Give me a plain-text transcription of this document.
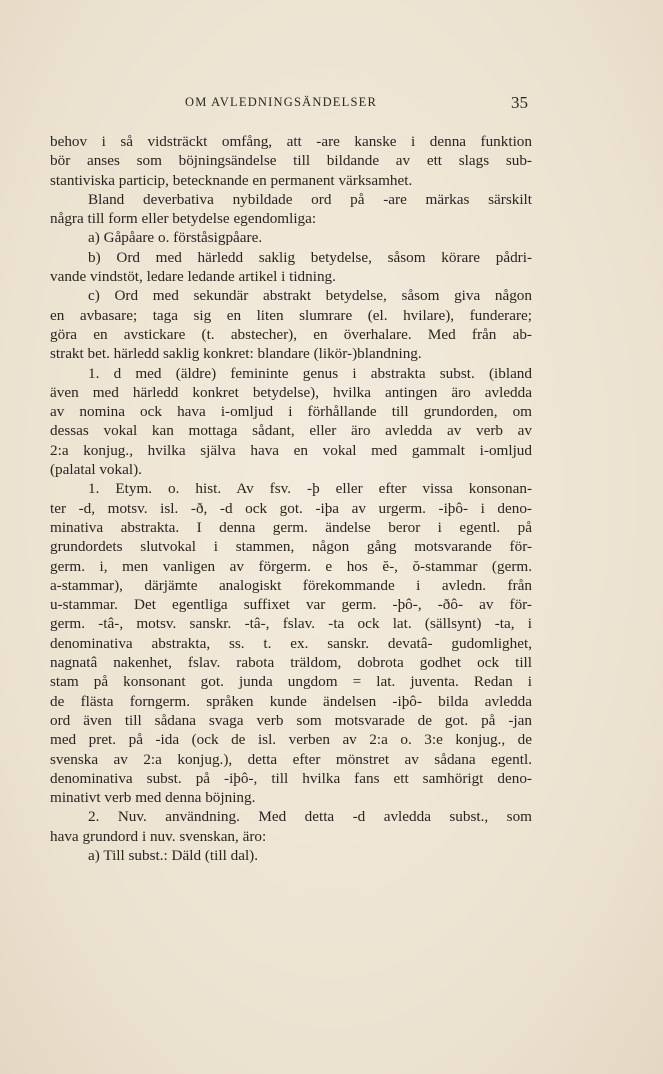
OM AVLEDNINGSÄNDELSER	35
behov i så vidsträckt omfång, att -are kanske i denna funktion
bör anses som böjningsändelse till bildande av ett slags sub-
stantiviska particip, betecknande en permanent värksamhet.
Bland deverbativa nybildade ord på -are märkas särskilt
några till form eller betydelse egendomliga:
a) Gåpåare o. förståsigpåare.
b) Ord med härledd saklig betydelse, såsom körare pådri-
vande vindstöt, ledare ledande artikel i tidning.
c) Ord med sekundär abstrakt betydelse, såsom giva någon
en avbasare; taga sig en liten slumrare (el. hvilare), funderare;
göra en avstickare (t. abstecher), en överhalare. Med från ab-
strakt bet. härledd saklig konkret: blandare (likör-)blandning.
1. d med (äldre) femininte genus i abstrakta subst. (ibland
även med härledd konkret betydelse), hvilka antingen äro avledda
av nomina ock hava i-omljud i förhållande till grundorden, om
dessas vokal kan mottaga sådant, eller äro avledda av verb av
2:a konjug., hvilka själva hava en vokal med gammalt i-omljud
(palatal vokal).
1. Etym. o. hist. Av fsv. -þ eller efter vissa konsonan-
ter -d, motsv. isl. -ð, -d ock got. -iþa av urgerm. -iþô- i deno-
minativa abstrakta. I denna germ. ändelse beror i egentl. på
grundordets slutvokal i stammen, någon gång motsvarande för-
germ. i, men vanligen av förgerm. e hos ĕ-, ŏ-stammar (germ.
a-stammar), därjämte analogiskt förekommande i avledn. från
u-stammar. Det egentliga suffixet var germ. -þô-, -ðô- av för-
germ. -tâ-, motsv. sanskr. -tâ-, fslav. -ta ock lat. (sällsynt) -ta, i
denominativa abstrakta, ss. t. ex. sanskr. devatâ- gudomlighet,
nagnatâ nakenhet, fslav. rabota träldom, dobrota godhet ock till
stam på konsonant got. junda ungdom = lat. juventa. Redan i
de flästa forngerm. språken kunde ändelsen -iþô- bilda avledda
ord även till sådana svaga verb som motsvarade de got. på -jan
med pret. på -ida (ock de isl. verben av 2:a o. 3:e konjug., de
svenska av 2:a konjug.), detta efter mönstret av sådana egentl.
denominativa subst. på -iþô-, till hvilka fans ett samhörigt deno-
minativt verb med denna böjning.
2. Nuv. användning. Med detta -d avledda subst., som
hava grundord i nuv. svenskan, äro:
a) Till subst.: Däld (till dal).
